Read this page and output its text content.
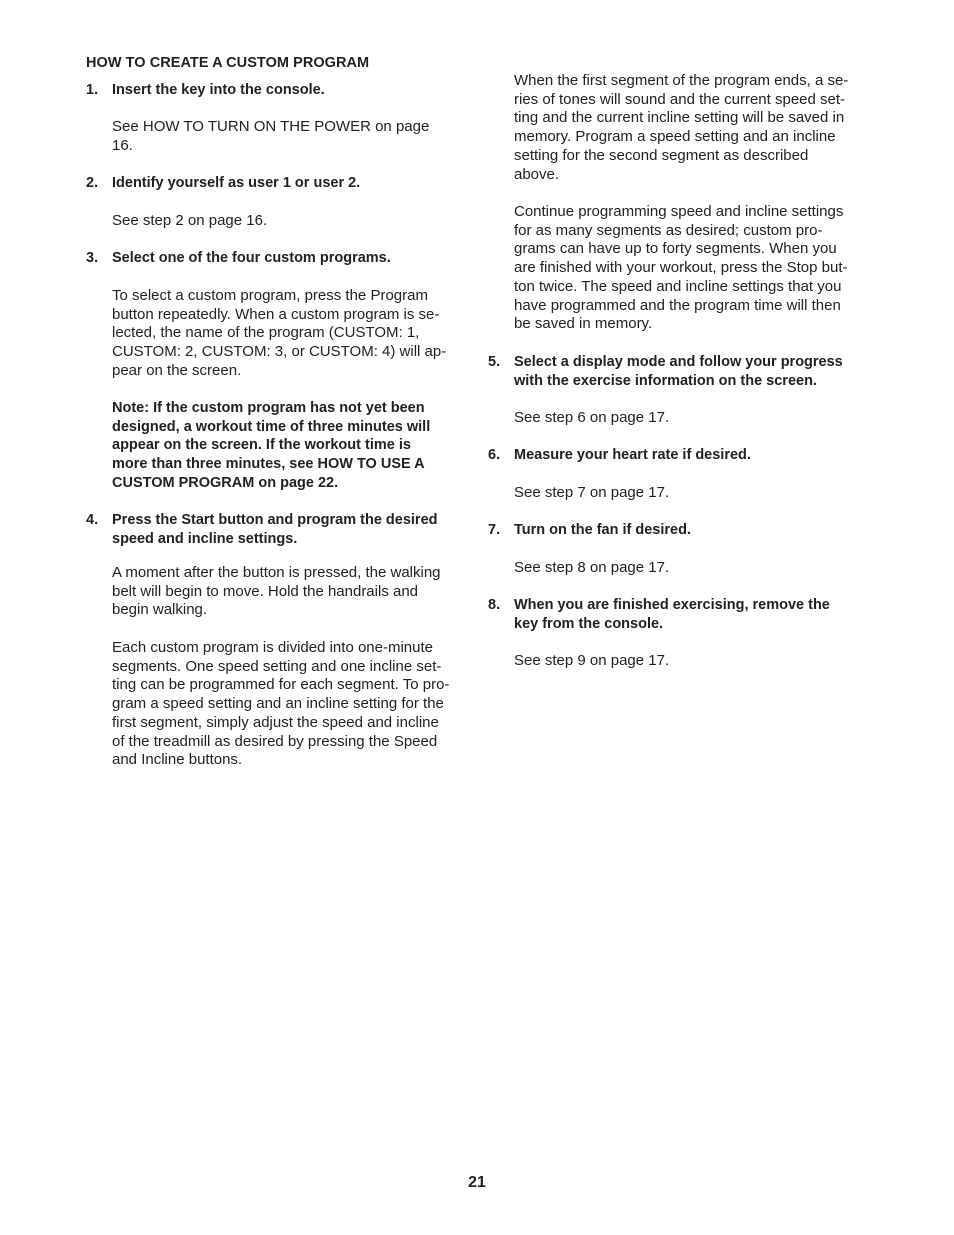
HOW TO CREATE A CUSTOM PROGRAM
1. Insert the key into the console.
See HOW TO TURN ON THE POWER on page
16.
2. Identify yourself as user 1 or user 2.
See step 2 on page 16.
3. Select one of the four custom programs.
To select a custom program, press the Program
button repeatedly. When a custom program is se-
lected, the name of the program (CUSTOM: 1,
CUSTOM: 2, CUSTOM: 3, or CUSTOM: 4) will ap-
pear on the screen.
Note: If the custom program has not yet been
designed, a workout time of three minutes will
appear on the screen. If the workout time is
more than three minutes, see HOW TO USE A
CUSTOM PROGRAM on page 22.
4. Press the Start button and program the desired
speed and incline settings.
A moment after the button is pressed, the walking
belt will begin to move. Hold the handrails and
begin walking.
Each custom program is divided into one-minute
segments. One speed setting and one incline set-
ting can be programmed for each segment. To pro-
gram a speed setting and an incline setting for the
first segment, simply adjust the speed and incline
of the treadmill as desired by pressing the Speed
and Incline buttons.
When the first segment of the program ends, a se-
ries of tones will sound and the current speed set-
ting and the current incline setting will be saved in
memory. Program a speed setting and an incline
setting for the second segment as described
above.
Continue programming speed and incline settings
for as many segments as desired; custom pro-
grams can have up to forty segments. When you
are finished with your workout, press the Stop but-
ton twice. The speed and incline settings that you
have programmed and the program time will then
be saved in memory.
5. Select a display mode and follow your progress
with the exercise information on the screen.
See step 6 on page 17.
6. Measure your heart rate if desired.
See step 7 on page 17.
7. Turn on the fan if desired.
See step 8 on page 17.
8. When you are finished exercising, remove the
key from the console.
See step 9 on page 17.
21
